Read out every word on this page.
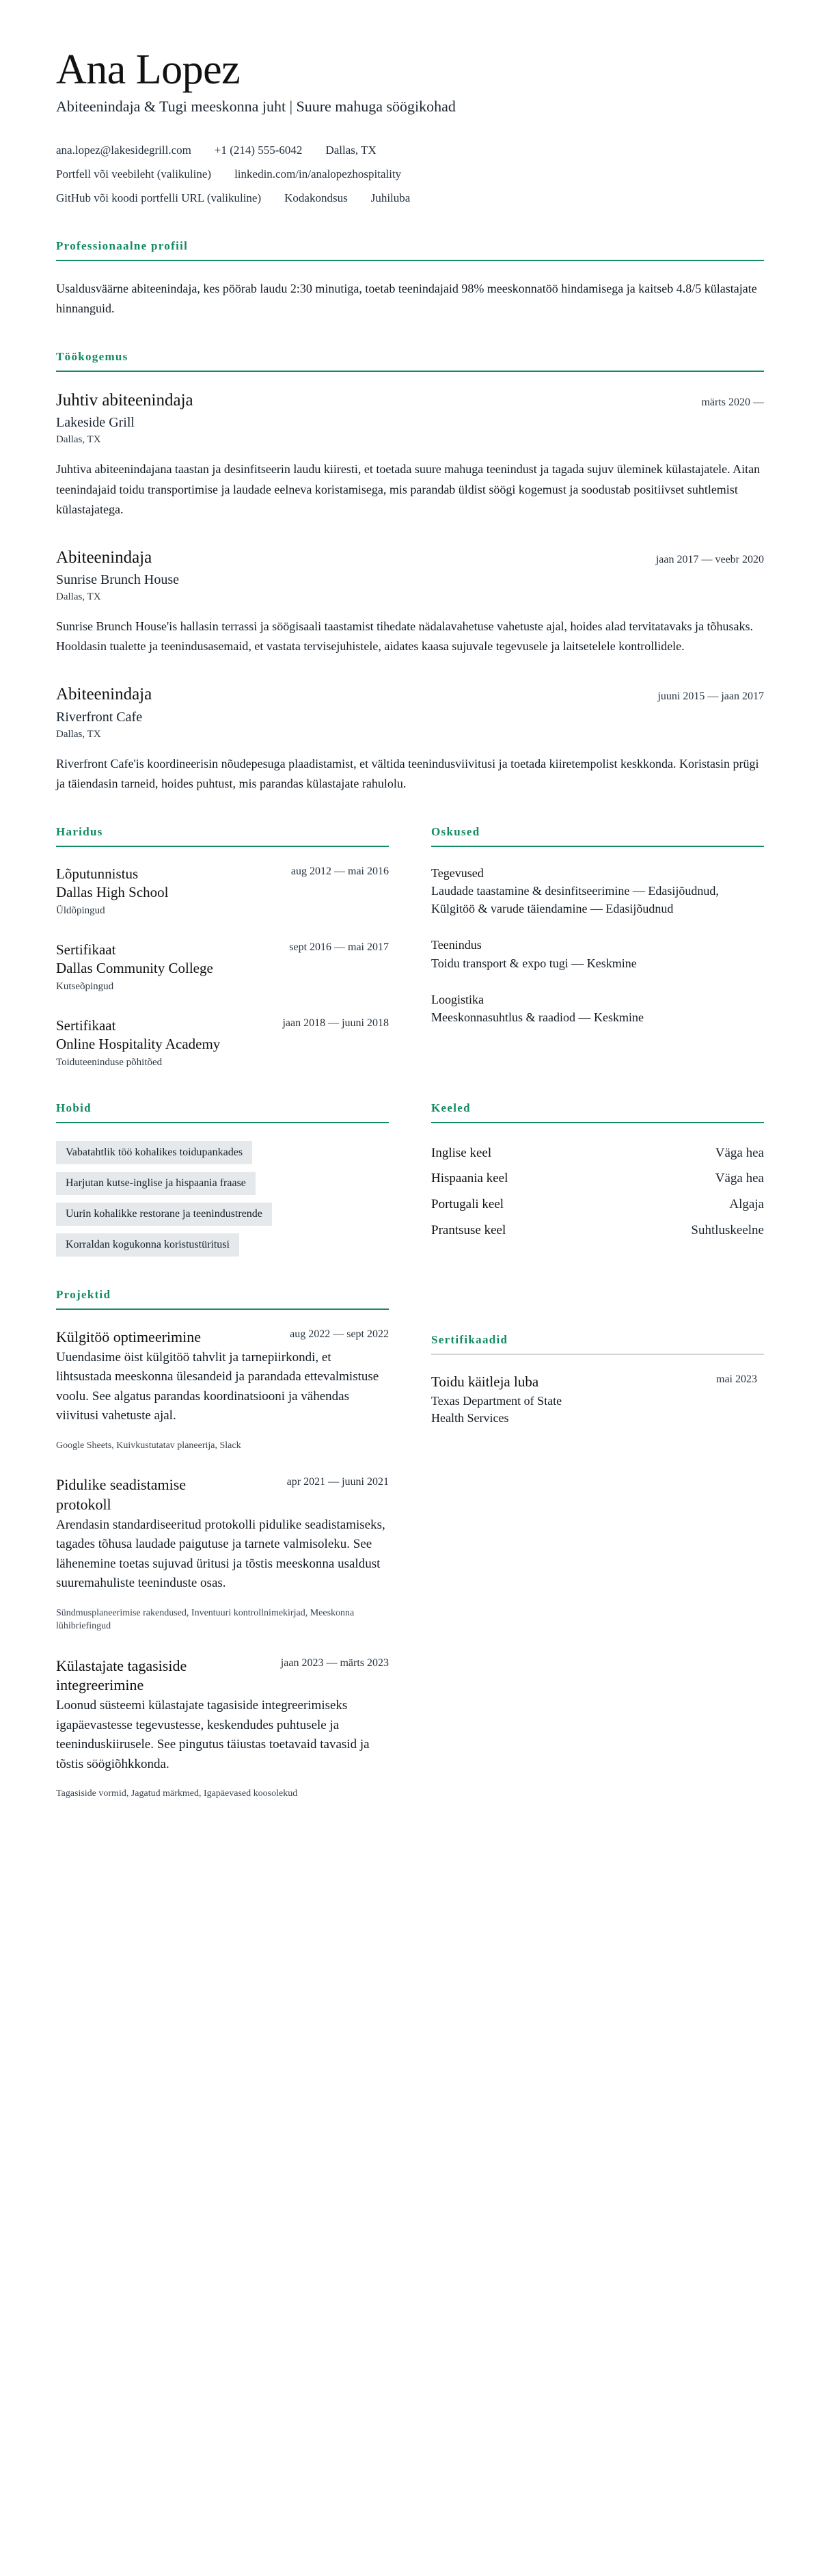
Ana Lopez
Abiteenindaja & Tugi meeskonna juht | Suure mahuga söögikohad
ana.lopez@lakesidegrill.com +1 (214) 555-6042 Dallas, TX
Portfell või veebileht (valikuline) linkedin.com/in/analopezhospitality
GitHub või koodi portfelli URL (valikuline) Kodakondsus Juhiluba
Professionaalne profiil

Usaldusväärne abiteenindaja, kes pöörab laudu 2:30 minutiga, toetab teenindajaid 98% meeskonnatöö hindamisega ja kaitseb 4.8/5 külastajate hinnanguid.

Töökogemus
Juhtiv abiteenindaja	märts 2020 —
Lakeside Grill
Dallas, TX

Juhtiva abiteenindajana taastan ja desinfitseerin laudu kiiresti, et toetada suure mahuga teenindust ja tagada sujuv üleminek külastajatele. Aitan teenindajaid toidu transportimise ja laudade eelneva koristamisega, mis parandab üldist söögi kogemust ja soodustab positiivset suhtlemist külastajatega.

Abiteenindaja	jaan 2017 — veebr 2020
Sunrise Brunch House
Dallas, TX

Sunrise Brunch House'is hallasin terrassi ja söögisaali taastamist tihedate nädalavahetuse vahetuste ajal, hoides alad tervitatavaks ja tõhusaks. Hooldasin tualette ja teenindusasemaid, et vastata tervisejuhistele, aidates kaasa sujuvale tegevusele ja laitsetelele kontrollidele.

Abiteenindaja	juuni 2015 — jaan 2017
Riverfront Cafe
Dallas, TX

Riverfront Cafe'is koordineerisin nõudepesuga plaadistamist, et vältida teenindusviivitusi ja toetada kiiretempolist keskkonda. Koristasin prügi ja täiendasin tarneid, hoides puhtust, mis parandas külastajate rahulolu.

Haridus
Lõputunnistus
Dallas High School
Üldõpingud
aug 2012 — mai 2016
Sertifikaat
Dallas Community College
Kutseõpingud
sept 2016 — mai 2017
Sertifikaat
Online Hospitality Academy
Toiduteeninduse põhitõed
jaan 2018 — juuni 2018
Oskused
Tegevused
Laudade taastamine & desinfitseerimine — Edasijõudnud, Külgitöö & varude täiendamine — Edasijõudnud
Teenindus
Toidu transport & expo tugi — Keskmine
Loogistika
Meeskonnasuhtlus & raadiod — Keskmine
Hobid
Vabatahtlik töö kohalikes toidupankades
Harjutan kutse-inglise ja hispaania fraase
Uurin kohalikke restorane ja teenindustrende
Korraldan kogukonna koristustüritusi
Keeled
Inglise keel	Väga hea
Hispaania keel	Väga hea
Portugali keel	Algaja
Prantsuse keel	Suhtluskeelne
Projektid
Külgitöö optimeerimine	aug 2022 — sept 2022

Uuendasime öist külgitöö tahvlit ja tarnepiirkondi, et lihtsustada meeskonna ülesandeid ja parandada ettevalmistuse voolu. See algatus parandas koordinatsiooni ja vähendas viivitusi vahetuste ajal.

Google Sheets, Kuivkustutatav planeerija, Slack
Pidulike seadistamise protokoll
apr 2021 — juuni 2021

Arendasin standardiseeritud protokolli pidulike seadistamiseks, tagades tõhusa laudade paigutuse ja tarnete valmisoleku. See lähenemine toetas sujuvad üritusi ja tõstis meeskonna usaldust suuremahuliste teeninduste osas.

Sündmusplaneerimise rakendused, Inventuuri kontrollnimekirjad, Meeskonna lühibriefingud
Külastajate tagasiside integreerimine
jaan 2023 — märts 2023

Loonud süsteemi külastajate tagasiside integreerimiseks igapäevastesse tegevustesse, keskendudes puhtusele ja teeninduskiirusele. See pingutus täiustas toetavaid tavasid ja tõstis söögiõhkkonda.

Tagasiside vormid, Jagatud märkmed, Igapäevased koosolekud
Sertifikaadid
Toidu käitleja luba
Texas Department of State Health Services
mai 2023
